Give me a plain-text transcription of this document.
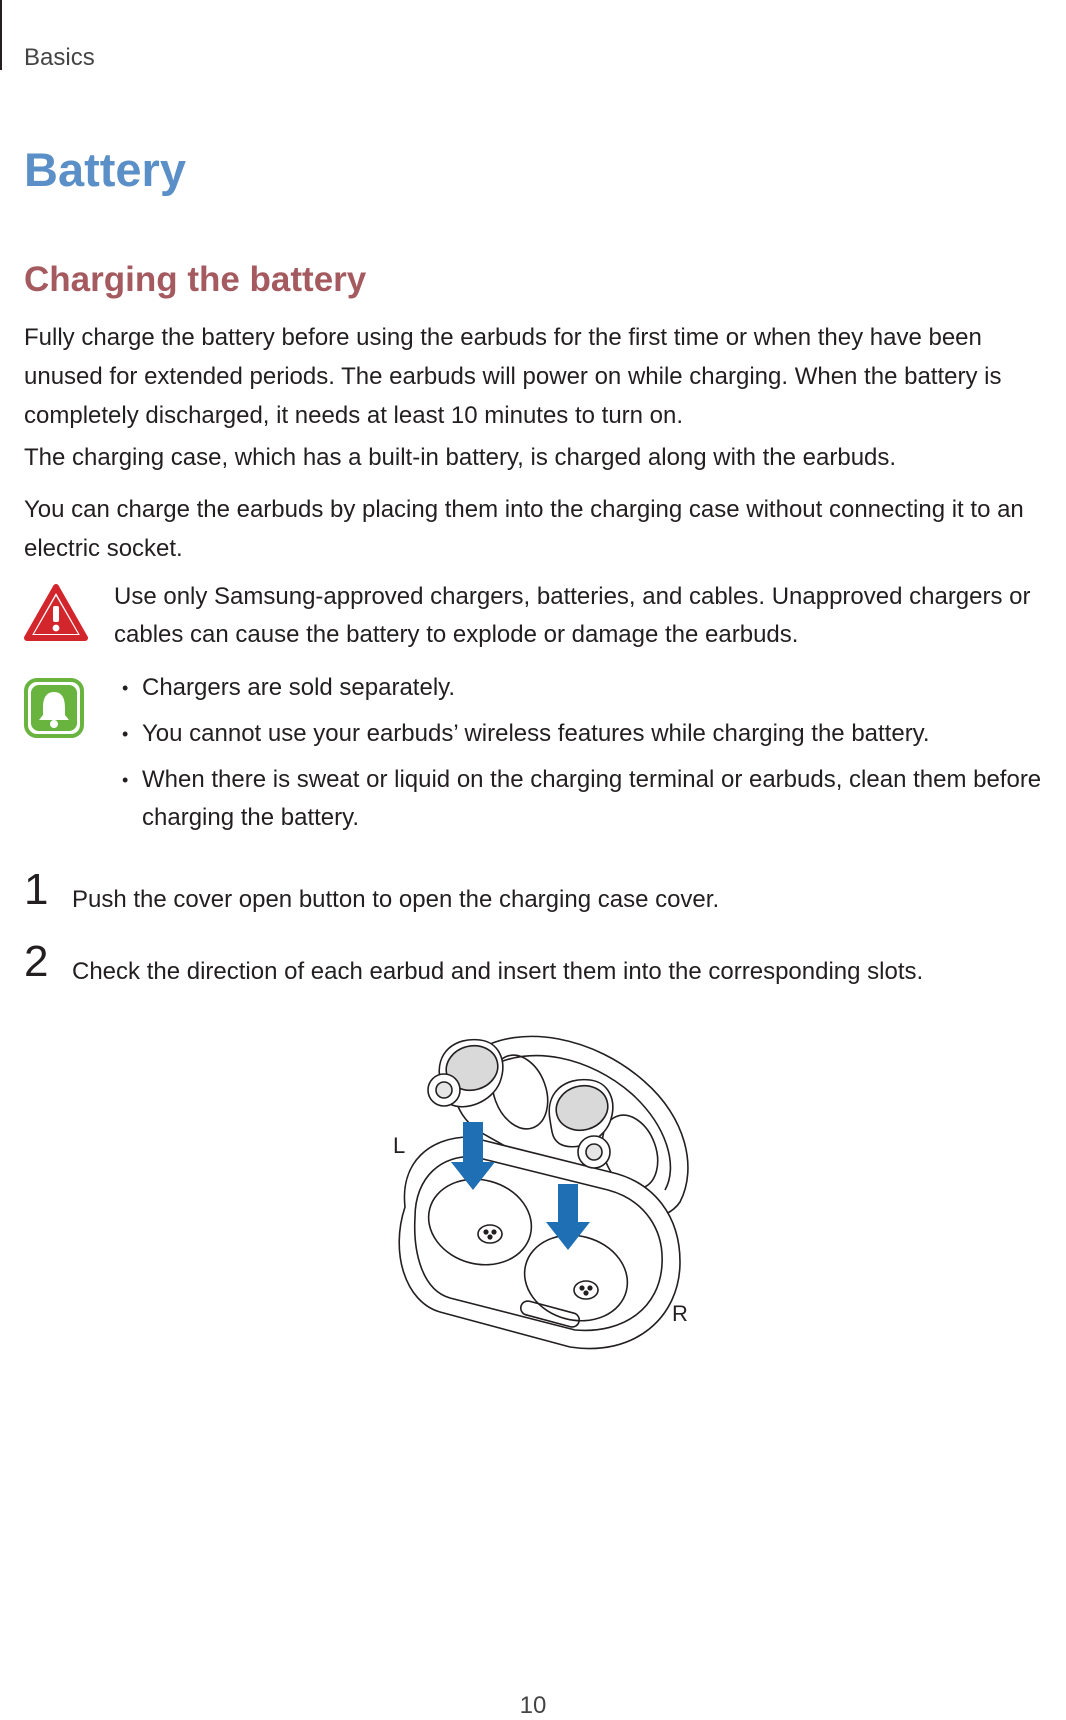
Basics
Battery
Charging the battery

Fully charge the battery before using the earbuds for the first time or when they have been unused for extended periods. The earbuds will power on while charging. When the battery is completely discharged, it needs at least 10 minutes to turn on.

The charging case, which has a built-in battery, is charged along with the earbuds.

You can charge the earbuds by placing them into the charging case without connecting it to an electric socket.

Use only Samsung-approved chargers, batteries, and cables. Unapproved chargers or cables can cause the battery to explode or damage the earbuds.

• Chargers are sold separately.
• You cannot use your earbuds’ wireless features while charging the battery.
• When there is sweat or liquid on the charging terminal or earbuds, clean them before charging the battery.
1 Push the cover open button to open the charging case cover.
2 Check the direction of each earbud and insert them into the corresponding slots.
L
R
10
